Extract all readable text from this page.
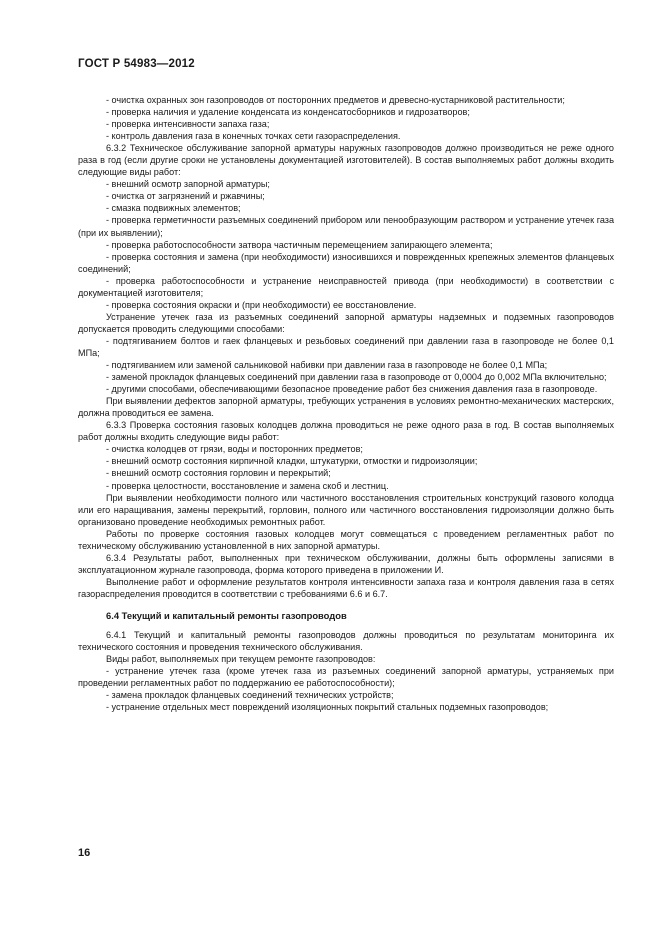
ГОСТ Р 54983—2012

- очистка охранных зон газопроводов от посторонних предметов и древесно-кустарниковой растительности;

- проверка наличия и удаление конденсата из конденсатосборников и гидрозатворов;

- проверка интенсивности запаха газа;

- контроль давления газа в конечных точках сети газораспределения.

6.3.2 Техническое обслуживание запорной арматуры наружных газопроводов должно производиться не реже одного раза в год (если другие сроки не установлены документацией изготовителей). В состав выполняемых работ должны входить следующие виды работ:

- внешний осмотр запорной арматуры;

- очистка от загрязнений и ржавчины;

- смазка подвижных элементов;

- проверка герметичности разъемных соединений прибором или пенообразующим раствором и устранение утечек газа (при их выявлении);

- проверка работоспособности затвора частичным перемещением запирающего элемента;

- проверка состояния и замена (при необходимости) износившихся и поврежденных крепежных элементов фланцевых соединений;

- проверка работоспособности и устранение неисправностей привода (при необходимости) в соответствии с документацией изготовителя;

- проверка состояния окраски и (при необходимости) ее восстановление.

Устранение утечек газа из разъемных соединений запорной арматуры надземных и подземных газопроводов допускается проводить следующими способами:

- подтягиванием болтов и гаек фланцевых и резьбовых соединений при давлении газа в газопроводе не более 0,1 МПа;

- подтягиванием или заменой сальниковой набивки при давлении газа в газопроводе не более 0,1 МПа;

- заменой прокладок фланцевых соединений при давлении газа в газопроводе от 0,0004 до 0,002 МПа включительно;

- другими способами, обеспечивающими безопасное проведение работ без снижения давления газа в газопроводе.

При выявлении дефектов запорной арматуры, требующих устранения в условиях ремонтно-механических мастерских, должна проводиться ее замена.

6.3.3 Проверка состояния газовых колодцев должна проводиться не реже одного раза в год. В состав выполняемых работ должны входить следующие виды работ:

- очистка колодцев от грязи, воды и посторонних предметов;

- внешний осмотр состояния кирпичной кладки, штукатурки, отмостки и гидроизоляции;

- внешний осмотр состояния горловин и перекрытий;

- проверка целостности, восстановление и замена скоб и лестниц.

При выявлении необходимости полного или частичного восстановления строительных конструкций газового колодца или его наращивания, замены перекрытий, горловин, полного или частичного восстановления гидроизоляции должно быть организовано проведение необходимых ремонтных работ.

Работы по проверке состояния газовых колодцев могут совмещаться с проведением регламентных работ по техническому обслуживанию установленной в них запорной арматуры.

6.3.4 Результаты работ, выполненных при техническом обслуживании, должны быть оформлены записями в эксплуатационном журнале газопровода, форма которого приведена в приложении И.

Выполнение работ и оформление результатов контроля интенсивности запаха газа и контроля давления газа в сетях газораспределения проводится в соответствии с требованиями 6.6 и 6.7.

6.4 Текущий и капитальный ремонты газопроводов

6.4.1 Текущий и капитальный ремонты газопроводов должны проводиться по результатам мониторинга их технического состояния и проведения технического обслуживания.

Виды работ, выполняемых при текущем ремонте газопроводов:

- устранение утечек газа (кроме утечек газа из разъемных соединений запорной арматуры, устраняемых при проведении регламентных работ по поддержанию ее работоспособности);

- замена прокладок фланцевых соединений технических устройств;

- устранение отдельных мест повреждений изоляционных покрытий стальных подземных газопроводов;

16
